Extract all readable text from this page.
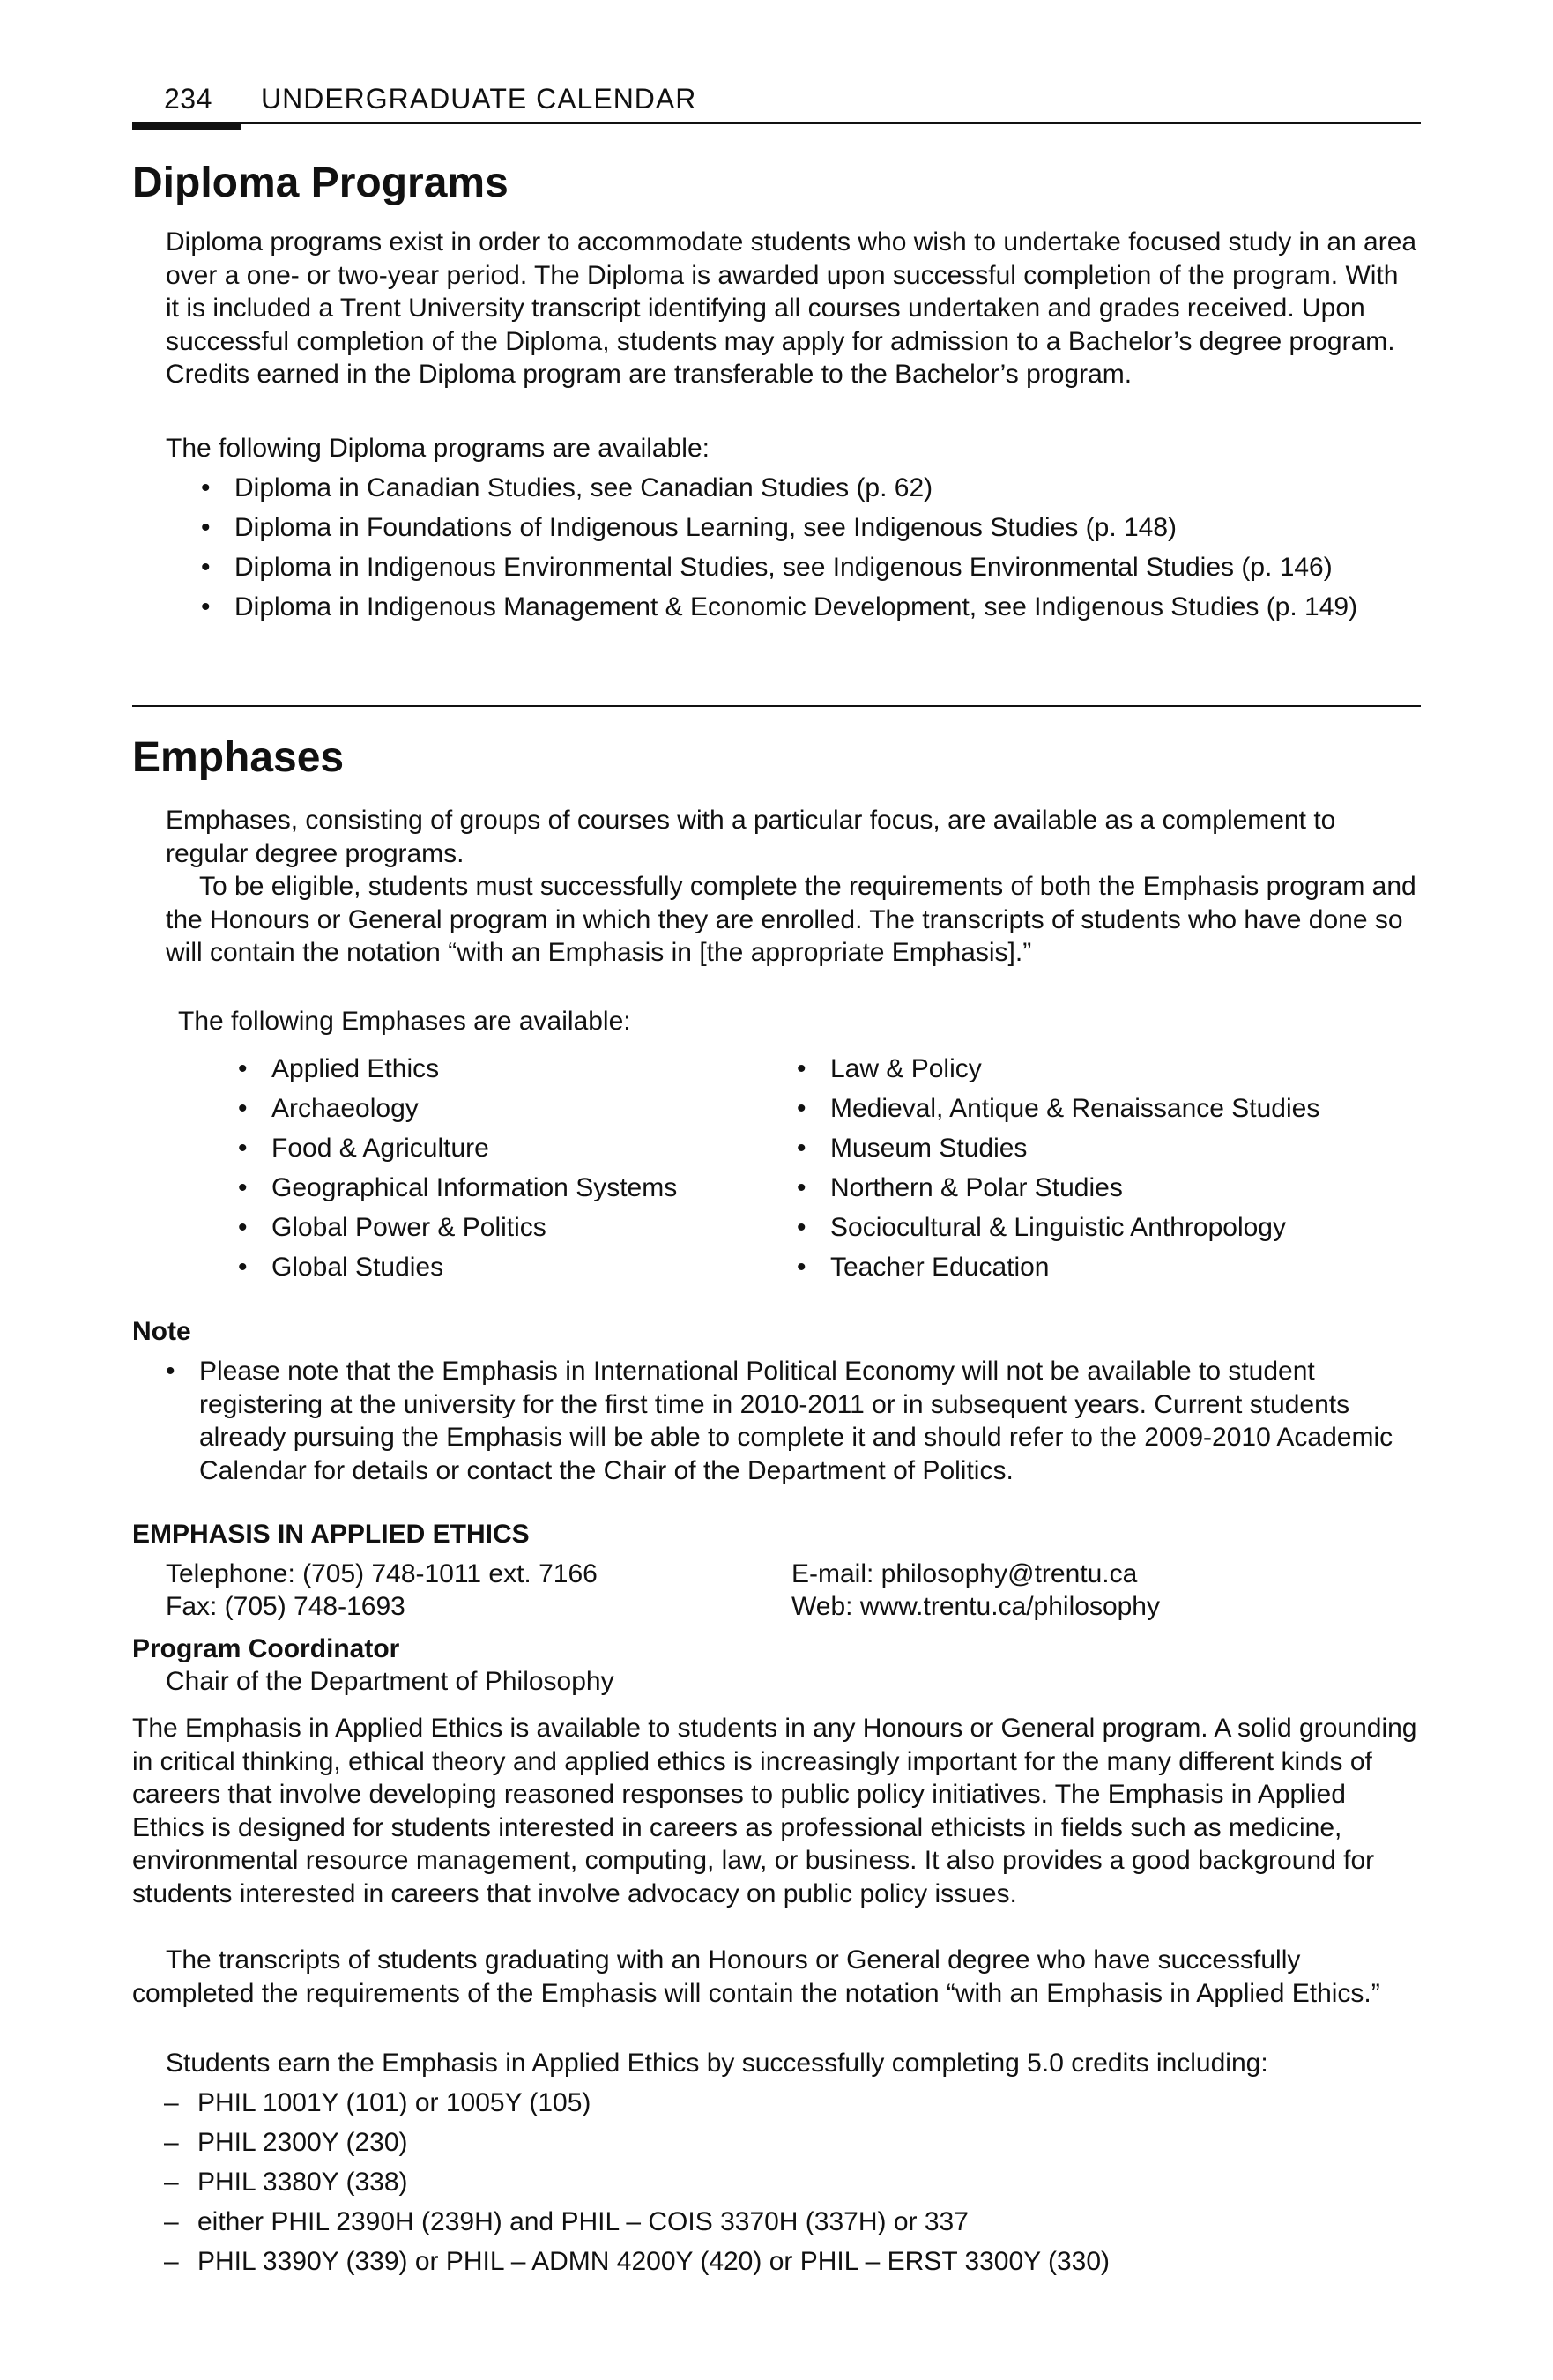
234 UNDERGRADUATE CALENDAR
Diploma Programs

Diploma programs exist in order to accommodate students who wish to undertake focused study in an area over a one- or two-year period. The Diploma is awarded upon successful completion of the program. With it is included a Trent University transcript identifying all courses undertaken and grades received. Upon successful completion of the Diploma, students may apply for admission to a Bachelor’s degree program. Credits earned in the Diploma program are transferable to the Bachelor’s program.

The following Diploma programs are available:

• Diploma in Canadian Studies, see Canadian Studies (p. 62)
• Diploma in Foundations of Indigenous Learning, see Indigenous Studies (p. 148)
• Diploma in Indigenous Environmental Studies, see Indigenous Environmental Studies (p. 146)
• Diploma in Indigenous Management & Economic Development, see Indigenous Studies (p. 149)
Emphases

Emphases, consisting of groups of courses with a particular focus, are available as a complement to regular degree programs.

To be eligible, students must successfully complete the requirements of both the Emphasis program and the Honours or General program in which they are enrolled. The transcripts of students who have done so will contain the notation “with an Emphasis in [the appropriate Emphasis].”

The following Emphases are available:

• Applied Ethics
• Archaeology
• Food & Agriculture
• Geographical Information Systems
• Global Power & Politics
• Global Studies
• Law & Policy
• Medieval, Antique & Renaissance Studies
• Museum Studies
• Northern & Polar Studies
• Sociocultural & Linguistic Anthropology
• Teacher Education

Note

• Please note that the Emphasis in International Political Economy will not be available to student registering at the university for the first time in 2010-2011 or in subsequent years. Current students already pursuing the Emphasis will be able to complete it and should refer to the 2009-2010 Academic Calendar for details or contact the Chair of the Department of Politics.

EMPHASIS IN APPLIED ETHICS

Telephone: (705) 748-1011 ext. 7166

Fax: (705) 748-1693

E-mail: philosophy@trentu.ca

Web: www.trentu.ca/philosophy

Program Coordinator

Chair of the Department of Philosophy

The Emphasis in Applied Ethics is available to students in any Honours or General program. A solid grounding in critical thinking, ethical theory and applied ethics is increasingly important for the many different kinds of careers that involve developing reasoned responses to public policy initiatives. The Emphasis in Applied Ethics is designed for students interested in careers as professional ethicists in fields such as medicine, environmental resource management, computing, law, or business. It also provides a good background for students interested in careers that involve advocacy on public policy issues.

The transcripts of students graduating with an Honours or General degree who have successfully completed the requirements of the Emphasis will contain the notation “with an Emphasis in Applied Ethics.”

Students earn the Emphasis in Applied Ethics by successfully completing 5.0 credits including:

– PHIL 1001Y (101) or 1005Y (105)
– PHIL 2300Y (230)
– PHIL 3380Y (338)
– either PHIL 2390H (239H) and PHIL – COIS 3370H (337H) or 337
– PHIL 3390Y (339) or PHIL – ADMN 4200Y (420) or PHIL – ERST 3300Y (330)
